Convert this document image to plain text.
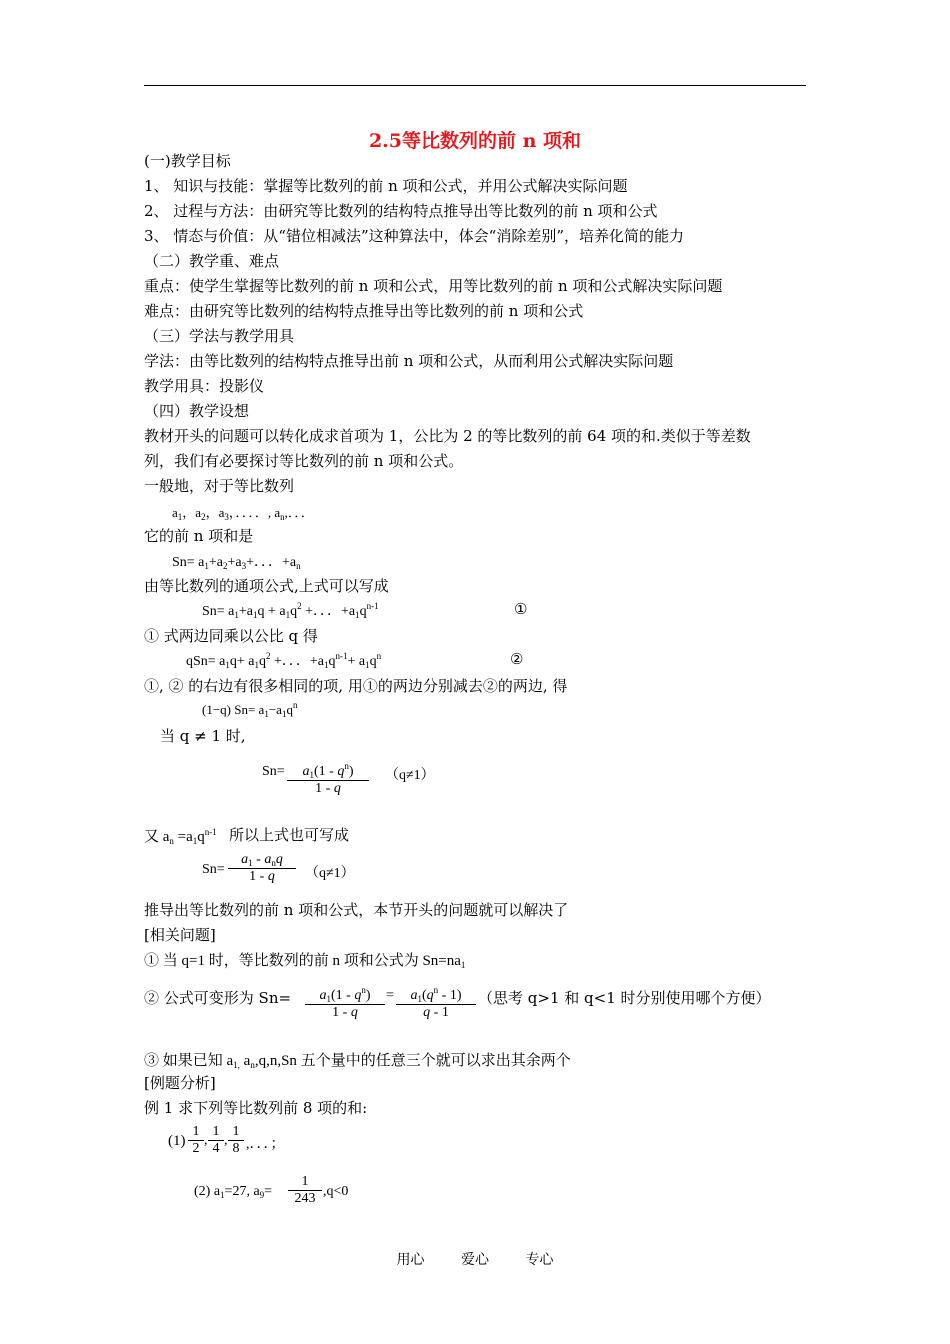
2.5等比数列的前 n 项和
(一)教学目标
1、 知识与技能：掌握等比数列的前 n 项和公式，并用公式解决实际问题
2、 过程与方法：由研究等比数列的结构特点推导出等比数列的前 n 项和公式
3、 情态与价值：从“错位相减法”这种算法中，体会“消除差别”，培养化简的能力
（二）教学重、难点
重点：使学生掌握等比数列的前 n 项和公式，用等比数列的前 n 项和公式解决实际问题
难点：由研究等比数列的结构特点推导出等比数列的前 n 项和公式
（三）学法与教学用具
学法：由等比数列的结构特点推导出前 n 项和公式，从而利用公式解决实际问题
教学用具：投影仪
（四）教学设想
教材开头的问题可以转化成求首项为 1，公比为 2 的等比数列的前 64 项的和.类似于等差数
列，我们有必要探讨等比数列的前 n 项和公式。
一般地，对于等比数列
$a_1$，$a_2$，$a_3$，．．．．, $a_n$,．．．
它的前 n 项和是
$Sn= a_1+a_2+a_3+$．．．$+a_n$
由等比数列的通项公式,上式可以写成
$Sn= a_1+a_1q + a_1q^2$ +．．．$+a_1q^{n-1}$	①
① 式两边同乘以公比 q 得
$qSn= a_1q+ a_1q^2$ +．．．$+a_1q^{n-1}+ a_1q^n$	②
①, ② 的右边有很多相同的项, 用①的两边分别减去②的两边, 得
(1−q) $Sn= a_1-a_1q^n$
当 q ≠ 1 时,
$Sn= \frac{a_1(1 - q^n)}{1 - q} (q\ne 1)$
又 $a_n =a_1q^{n-1}$ 所以上式也可写成
Sn=
$a_1 - a_nq$
1 - q	（q≠1）
推导出等比数列的前 n 项和公式，本节开头的问题就可以解决了
[相关问题]
① 当 q=1 时，等比数列的前 n 项和公式为 $Sn=na_1$
② 公式可变形为 $Sn= \frac{a_1(1 - q^n)}{1 - q} = \frac{a_1(q^n - 1)}{q - 1}$ （思考 q>1 和 q<1 时分别使用哪个方便）
③ 如果已知 $a_{1,}$ $a_n,q,n,Sn$ 五个量中的任意三个就可以求出其余两个
[例题分析]
例 1 求下列等比数列前 8 项的和:
$(1) \frac{1}{2}$ , $\frac{1}{4}$ , $\frac{1}{8}$ ,．．．；
(2) $a_1=27$, $a_9= \frac{1}{243} ,q<0$
用心	爱心	专心
